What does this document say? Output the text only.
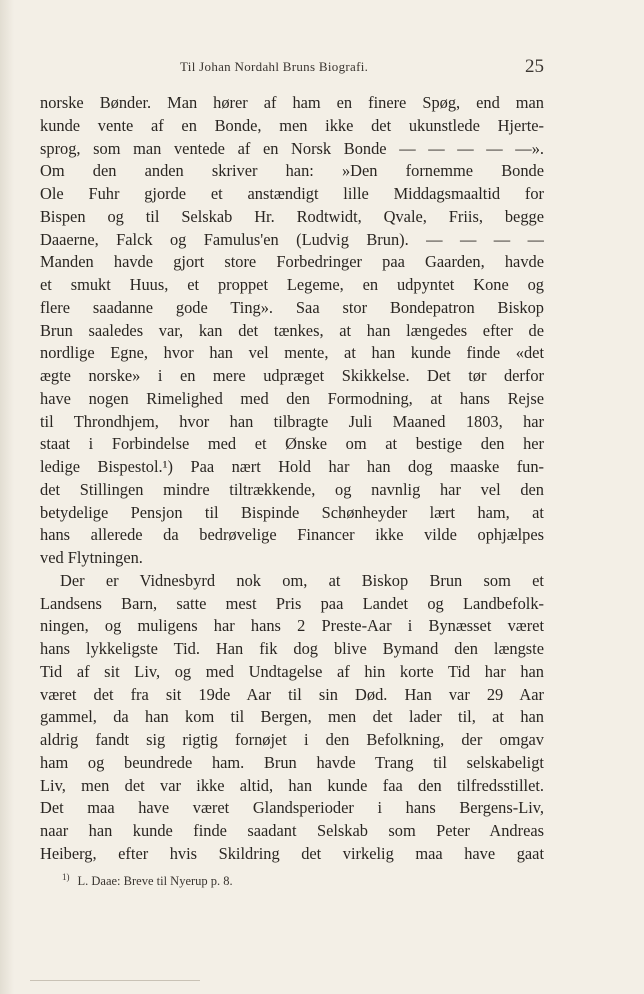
Til Johan Nordahl Bruns Biografi.	25
norske Bønder. Man hører af ham en finere Spøg, end man
kunde vente af en Bonde, men ikke det ukunstlede Hjerte-
sprog, som man ventede af en Norsk Bonde — — — — —».
Om den anden skriver han: »Den fornemme Bonde
Ole Fuhr gjorde et anstændigt lille Middagsmaaltid for
Bispen og til Selskab Hr. Rodtwidt, Qvale, Friis, begge
Daaerne, Falck og Famulus'en (Ludvig Brun). — — — —
Manden havde gjort store Forbedringer paa Gaarden, havde
et smukt Huus, et proppet Legeme, en udpyntet Kone og
flere saadanne gode Ting». Saa stor Bondepatron Biskop
Brun saaledes var, kan det tænkes, at han længedes efter de
nordlige Egne, hvor han vel mente, at han kunde finde «det
ægte norske» i en mere udpræget Skikkelse. Det tør derfor
have nogen Rimelighed med den Formodning, at hans Rejse
til Throndhjem, hvor han tilbragte Juli Maaned 1803, har
staat i Forbindelse med et Ønske om at bestige den her
ledige Bispestol.¹) Paa nært Hold har han dog maaske fun-
det Stillingen mindre tiltrækkende, og navnlig har vel den
betydelige Pensjon til Bispinde Schønheyder lært ham, at
hans allerede da bedrøvelige Financer ikke vilde ophjælpes
ved Flytningen.
Der er Vidnesbyrd nok om, at Biskop Brun som et
Landsens Barn, satte mest Pris paa Landet og Landbefolk-
ningen, og muligens har hans 2 Preste-Aar i Bynæsset været
hans lykkeligste Tid. Han fik dog blive Bymand den længste
Tid af sit Liv, og med Undtagelse af hin korte Tid har han
været det fra sit 19de Aar til sin Død. Han var 29 Aar
gammel, da han kom til Bergen, men det lader til, at han
aldrig fandt sig rigtig fornøjet i den Befolkning, der omgav
ham og beundrede ham. Brun havde Trang til selskabeligt
Liv, men det var ikke altid, han kunde faa den tilfredsstillet.
Det maa have været Glandsperioder i hans Bergens-Liv,
naar han kunde finde saadant Selskab som Peter Andreas
Heiberg, efter hvis Skildring det virkelig maa have gaat
$^{1)}$ L. Daae: Breve til Nyerup p. 8.
